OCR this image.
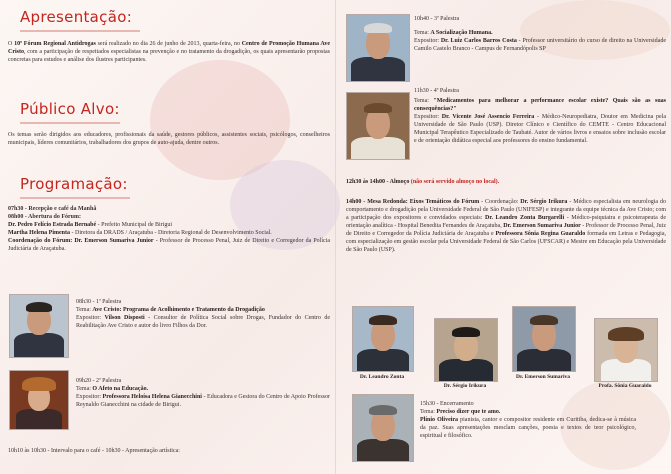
Apresentação:
O 10º Fórum Regional Antidrogas será realizado no dia 26 de junho de 2013, quarta-feira, no Centro de Promoção Humana Ave Cristo, com a participação de respeitados especialistas na prevenção e no tratamento da drogadição, os quais apresentarão propostas concretas para estudos e análise dos ilustres participantes.
Público Alvo:
Os temas serão dirigidos aos educadores, profissionais da saúde, gestores públicos, assistentes sociais, psicólogos, conselheiros municipais, líderes comunitários, trabalhadores dos grupos de auto-ajuda, dentre outros.
Programação:
07h30 - Recepção e café da Manhã
08h00 - Abertura do Fórum:
Dr. Pedro Felício Estrada Bernabé - Prefeito Municipal de Birigui
Martha Helena Pimenta - Diretora da DRADS / Araçatuba - Diretoria Regional de Desenvolvimento Social.
Coordenação do Fórum: Dr. Emerson Sumariva Junior - Professor de Processo Penal, Juiz de Direito e Corregedor da Polícia Judiciária de Araçatuba.
08h30 - 1ª Palestra
Tema: Ave Cristo: Programa de Acolhimento e Tratamento da Drogadição
Expositor: Vilson Disposti - Consultor de Política Social sobre Drogas, Fundador do Centro de Reabilitação Ave Cristo e autor do livro Filhos da Dor.
09h20 - 2ª Palestra
Tema: O Afeto na Educação.
Expositor: Professora Heloísa Helena Gianecchini - Educadora e Gestora do Centro de Apoio Professor Reynaldo Gianecchini na cidade de Birigui.
10h10 às 10h30 - Intervalo para o café - 10h30 - Apresentação artística:
10h40 - 3ª Palestra
Tema: A Socialização Humana.
Expositor: Dr. Luiz Carlos Barros Costa - Professor universitário do curso de direito na Universidade Camilo Castelo Branco - Campus de Fernandópolis SP
11h30 - 4ª Palestra
Tema: "Medicamentos para melhorar a performance escolar existe? Quais são as suas consequências?"
Expositor: Dr. Vicente José Assencio Ferreira - Médico-Neuropediatra, Doutor em Medicina pela Universidade de São Paulo (USP). Diretor Clínico e Científico do CEMTE - Centro Educacional Municipal Terapêutico Especializado de Taubaté. Autor de vários livros e ensaios sobre inclusão escolar e de orientação didática especial aos professores do ensino fundamental.
12h30 às 14h00 - Almoço (não será servido almoço no local).
14h00 - Mesa Redonda: Eixos Temáticos do Fórum - Coordenação: Dr. Sérgio Irikura - Médico especialista em neurologia do comportamento e drogadição pela Universidade Federal de São Paulo (UNIFESP) e integrante da equipe técnica da Ave Cristo; com a participação dos expositores e convidados especiais: Dr. Leandro Zonta Burgarelli - Médico-psiquiatra e psicoterapeuta de orientação analítica - Hospital Benedita Fernandes de Araçatuba, Dr. Emerson Sumariva Junior - Professor de Processo Penal, Juiz de Direito e Corregedor da Polícia Judiciária de Araçatuba e Professora Sônia Regina Guaraldo formada em Letras e Pedagogia, com especialização em gestão escolar pela Universidade Federal de São Carlos (UFSCAR) e Mestre em Educação pela Universidade de São Paulo (USP).
Dr. Leandro Zonta
Dr. Sérgio Irikura
Dr. Emerson Sumariva
Profa. Sônia Guaraldo
15h30 - Encerramento
Tema: Preciso dizer que te amo.
Plínio Oliveira pianista, cantor e compositor residente em Curitiba, dedica-se à música da paz. Suas apresentações mesclam canções, poesia e textos de teor psicológico, espiritual e filosófico.
